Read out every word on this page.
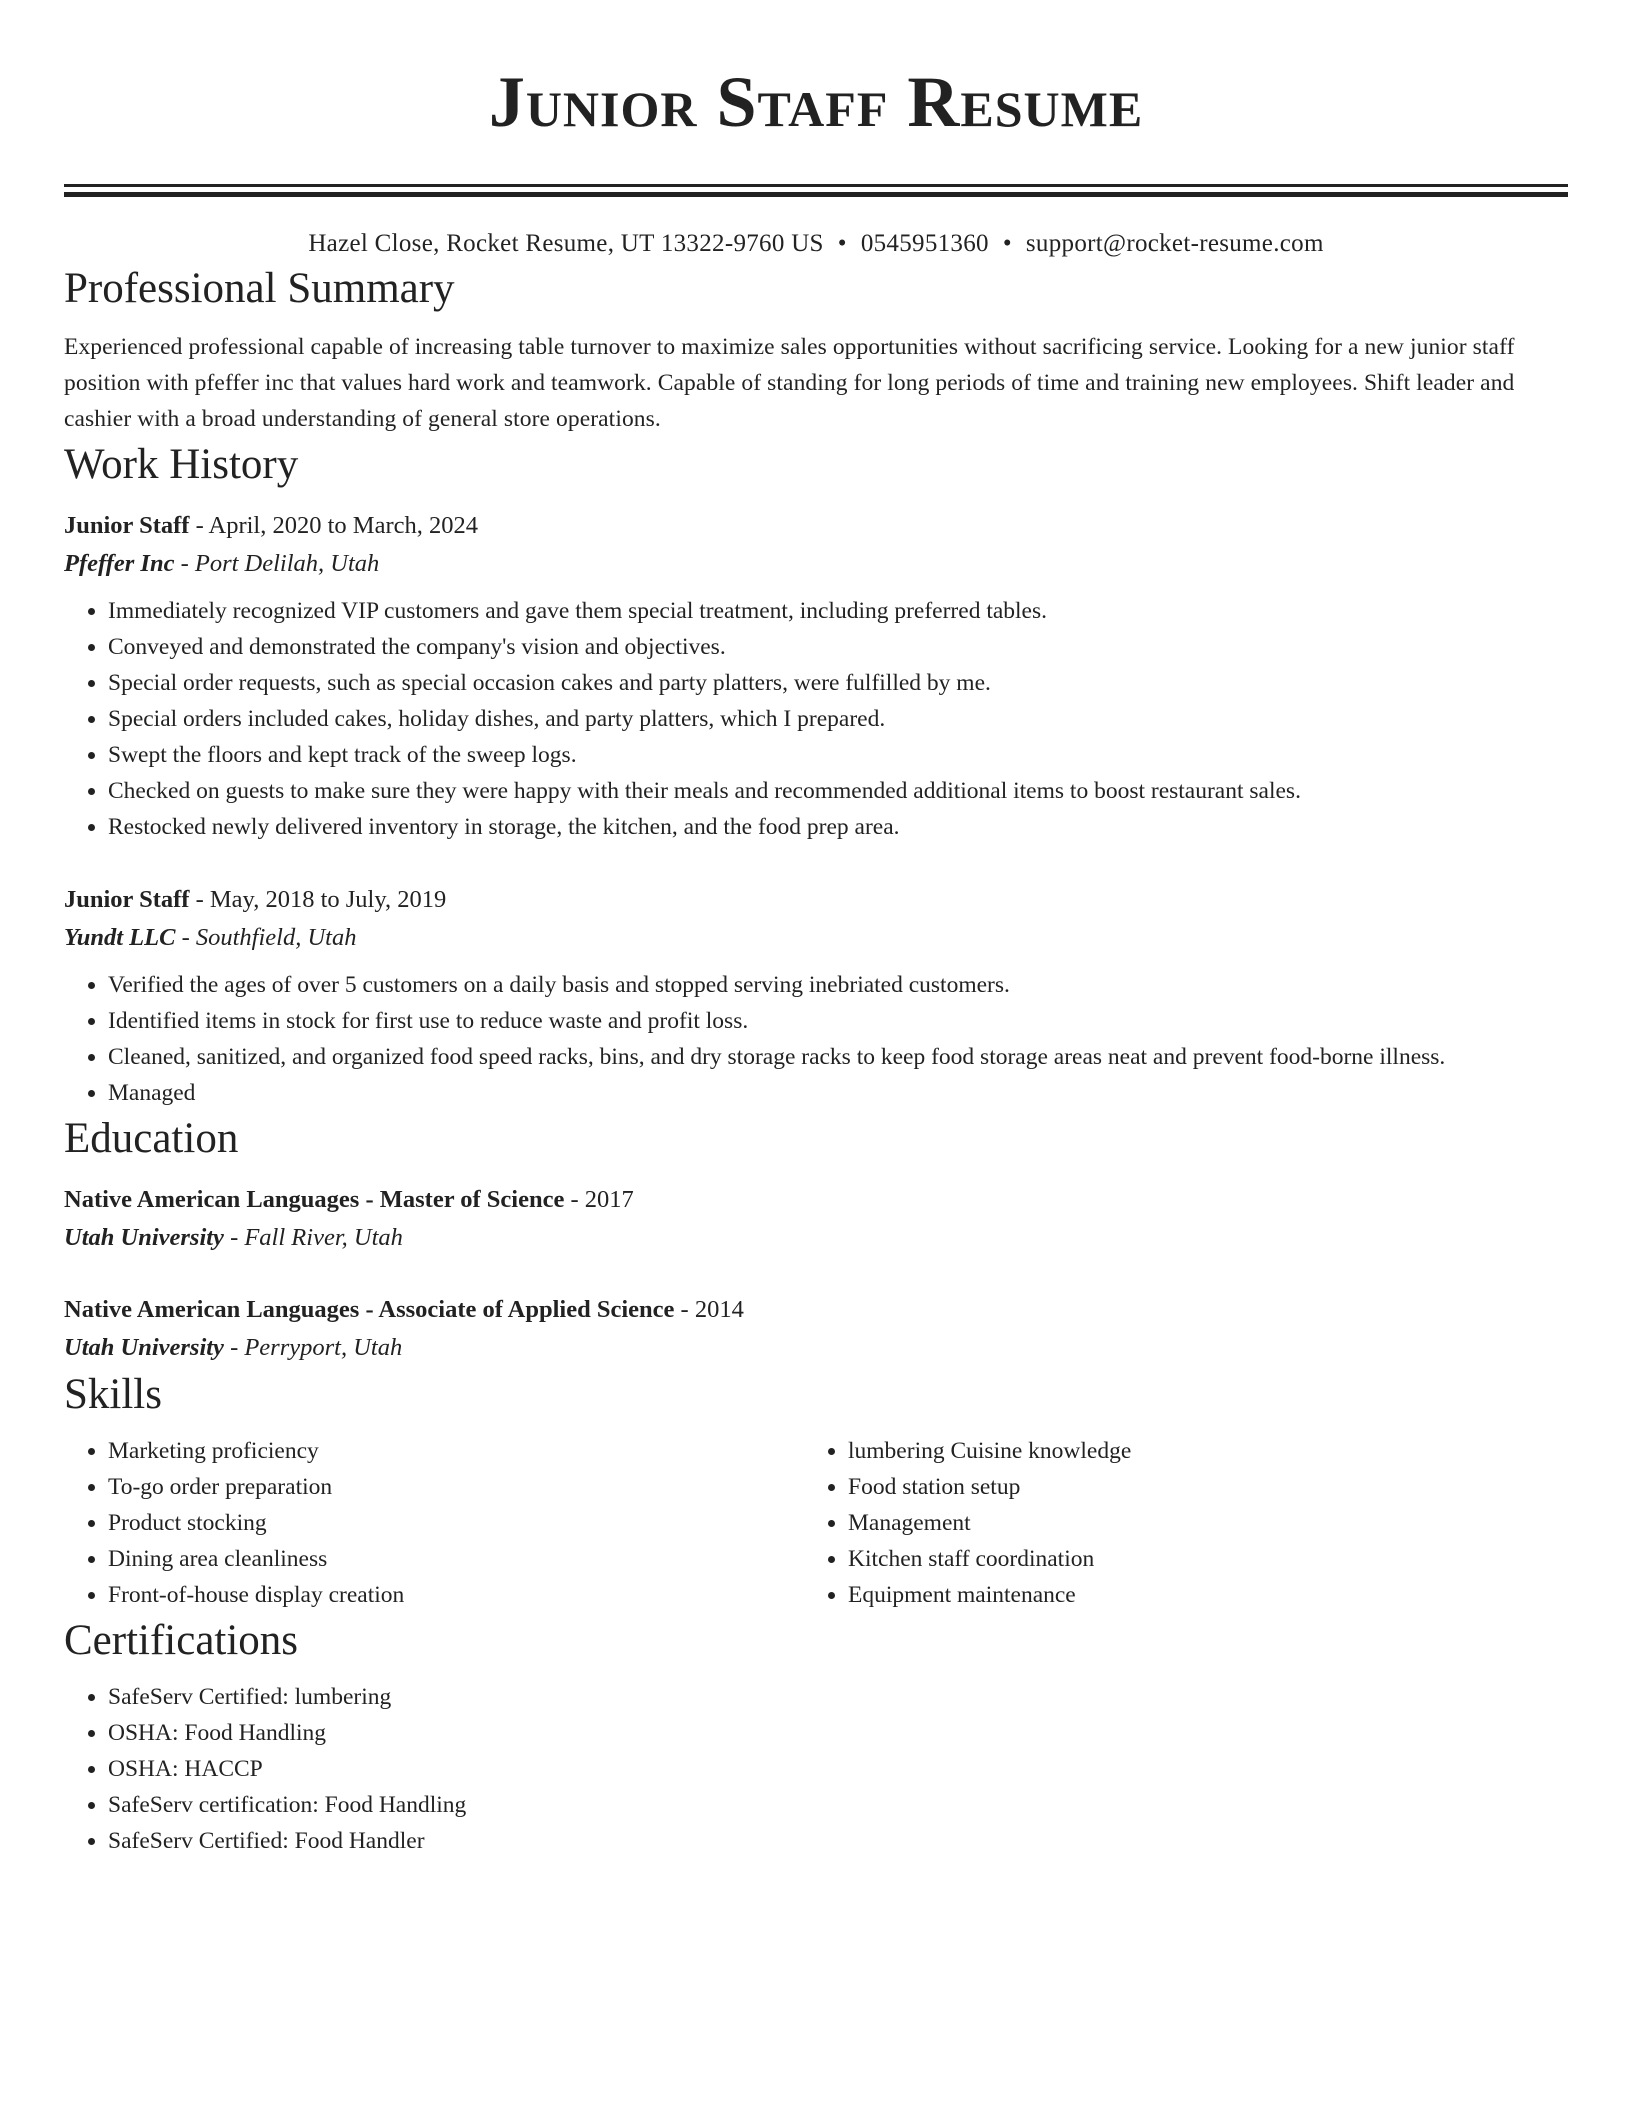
Junior Staff Resume
Hazel Close, Rocket Resume, UT 13322-9760 US • 0545951360 • support@rocket-resume.com
Professional Summary
Experienced professional capable of increasing table turnover to maximize sales opportunities without sacrificing service. Looking for a new junior staff position with pfeffer inc that values hard work and teamwork. Capable of standing for long periods of time and training new employees. Shift leader and cashier with a broad understanding of general store operations.
Work History
Junior Staff - April, 2020 to March, 2024
Pfeffer Inc - Port Delilah, Utah
• Immediately recognized VIP customers and gave them special treatment, including preferred tables.
• Conveyed and demonstrated the company's vision and objectives.
• Special order requests, such as special occasion cakes and party platters, were fulfilled by me.
• Special orders included cakes, holiday dishes, and party platters, which I prepared.
• Swept the floors and kept track of the sweep logs.
• Checked on guests to make sure they were happy with their meals and recommended additional items to boost restaurant sales.
• Restocked newly delivered inventory in storage, the kitchen, and the food prep area.
Junior Staff - May, 2018 to July, 2019
Yundt LLC - Southfield, Utah
• Verified the ages of over 5 customers on a daily basis and stopped serving inebriated customers.
• Identified items in stock for first use to reduce waste and profit loss.
• Cleaned, sanitized, and organized food speed racks, bins, and dry storage racks to keep food storage areas neat and prevent food-borne illness.
• Managed
Education
Native American Languages - Master of Science - 2017
Utah University - Fall River, Utah
Native American Languages - Associate of Applied Science - 2014
Utah University - Perryport, Utah
Skills
• Marketing proficiency
• To-go order preparation
• Product stocking
• Dining area cleanliness
• Front-of-house display creation
• lumbering Cuisine knowledge
• Food station setup
• Management
• Kitchen staff coordination
• Equipment maintenance
Certifications
• SafeServ Certified: lumbering
• OSHA: Food Handling
• OSHA: HACCP
• SafeServ certification: Food Handling
• SafeServ Certified: Food Handler
